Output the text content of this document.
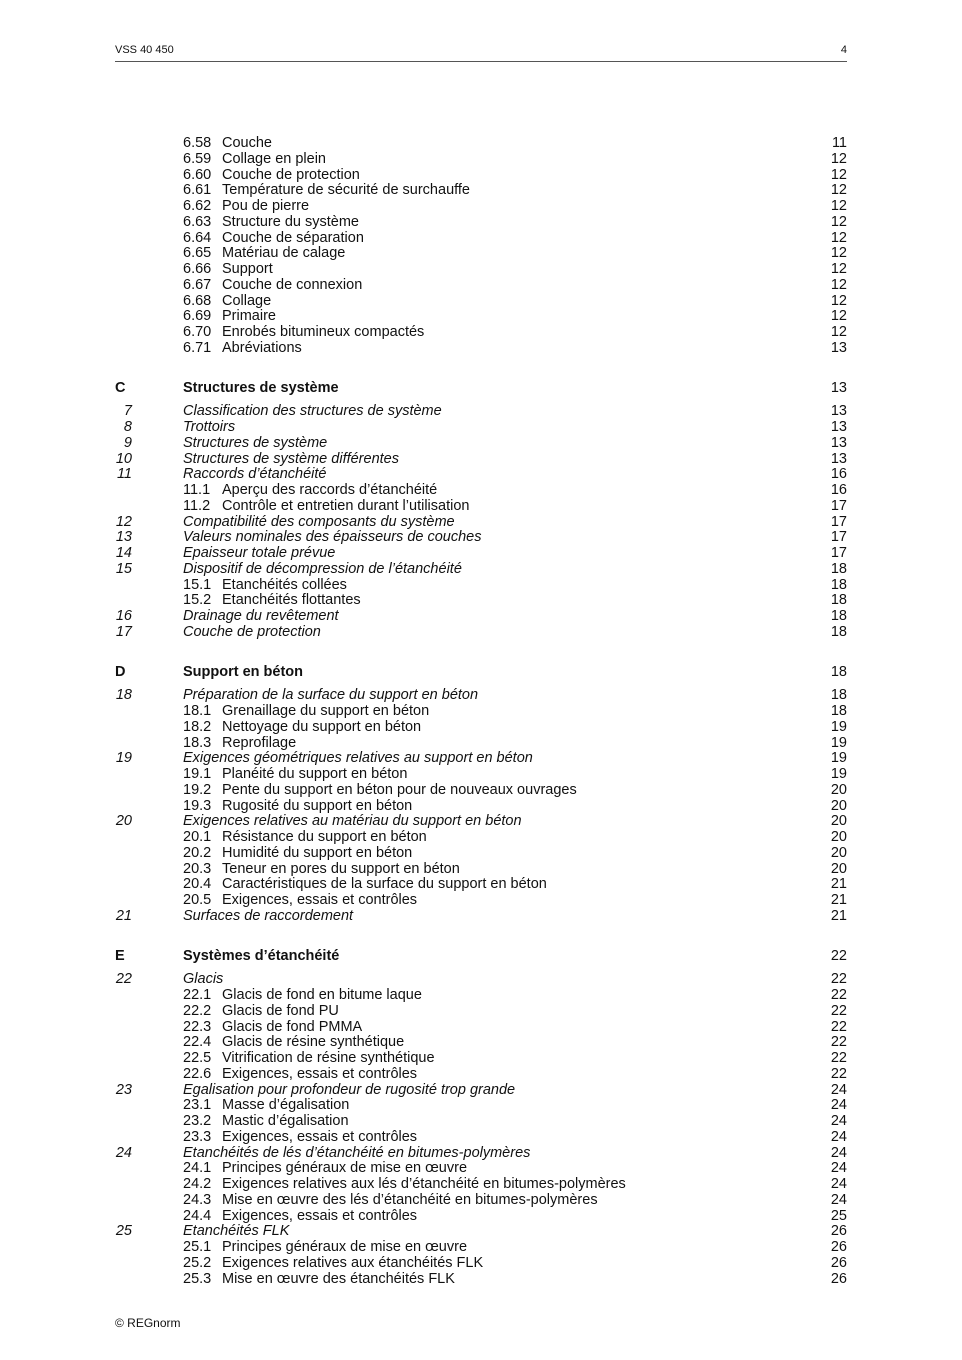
VSS 40 450	4
6.58 Couche	11
6.59 Collage en plein	12
6.60 Couche de protection	12
6.61 Température de sécurité de surchauffe	12
6.62 Pou de pierre	12
6.63 Structure du système	12
6.64 Couche de séparation	12
6.65 Matériau de calage	12
6.66 Support	12
6.67 Couche de connexion	12
6.68 Collage	12
6.69 Primaire	12
6.70 Enrobés bitumineux compactés	12
6.71 Abréviations	13
C	Structures de système	13
7	Classification des structures de système	13
8	Trottoirs	13
9	Structures de système	13
10	Structures de système différentes	13
11	Raccords d’étanchéité	16
11.1 Aperçu des raccords d’étanchéité	16
11.2 Contrôle et entretien durant l’utilisation	17
12	Compatibilité des composants du système	17
13	Valeurs nominales des épaisseurs de couches	17
14	Epaisseur totale prévue	17
15	Dispositif de décompression de l’étanchéité	18
15.1 Etanchéités collées	18
15.2 Etanchéités flottantes	18
16	Drainage du revêtement	18
17	Couche de protection	18
D	Support en béton	18
18	Préparation de la surface du support en béton	18
18.1 Grenaillage du support en béton	18
18.2 Nettoyage du support en béton	19
18.3 Reprofilage	19
19	Exigences géométriques relatives au support en béton	19
19.1 Planéité du support en béton	19
19.2 Pente du support en béton pour de nouveaux ouvrages	20
19.3 Rugosité du support en béton	20
20	Exigences relatives au matériau du support en béton	20
20.1 Résistance du support en béton	20
20.2 Humidité du support en béton	20
20.3 Teneur en pores du support en béton	20
20.4 Caractéristiques de la surface du support en béton	21
20.5 Exigences, essais et contrôles	21
21	Surfaces de raccordement	21
E	Systèmes d’étanchéité	22
22	Glacis	22
22.1 Glacis de fond en bitume laque	22
22.2 Glacis de fond PU	22
22.3 Glacis de fond PMMA	22
22.4 Glacis de résine synthétique	22
22.5 Vitrification de résine synthétique	22
22.6 Exigences, essais et contrôles	22
23	Egalisation pour profondeur de rugosité trop grande	24
23.1 Masse d’égalisation	24
23.2 Mastic d’égalisation	24
23.3 Exigences, essais et contrôles	24
24	Etanchéités de lés d’étanchéité en bitumes-polymères	24
24.1 Principes généraux de mise en œuvre	24
24.2 Exigences relatives aux lés d’étanchéité en bitumes-polymères	24
24.3 Mise en œuvre des lés d’étanchéité en bitumes-polymères	24
24.4 Exigences, essais et contrôles	25
25	Etanchéités FLK	26
25.1 Principes généraux de mise en œuvre	26
25.2 Exigences relatives aux étanchéités FLK	26
25.3 Mise en œuvre des étanchéités FLK	26
© REGnorm
